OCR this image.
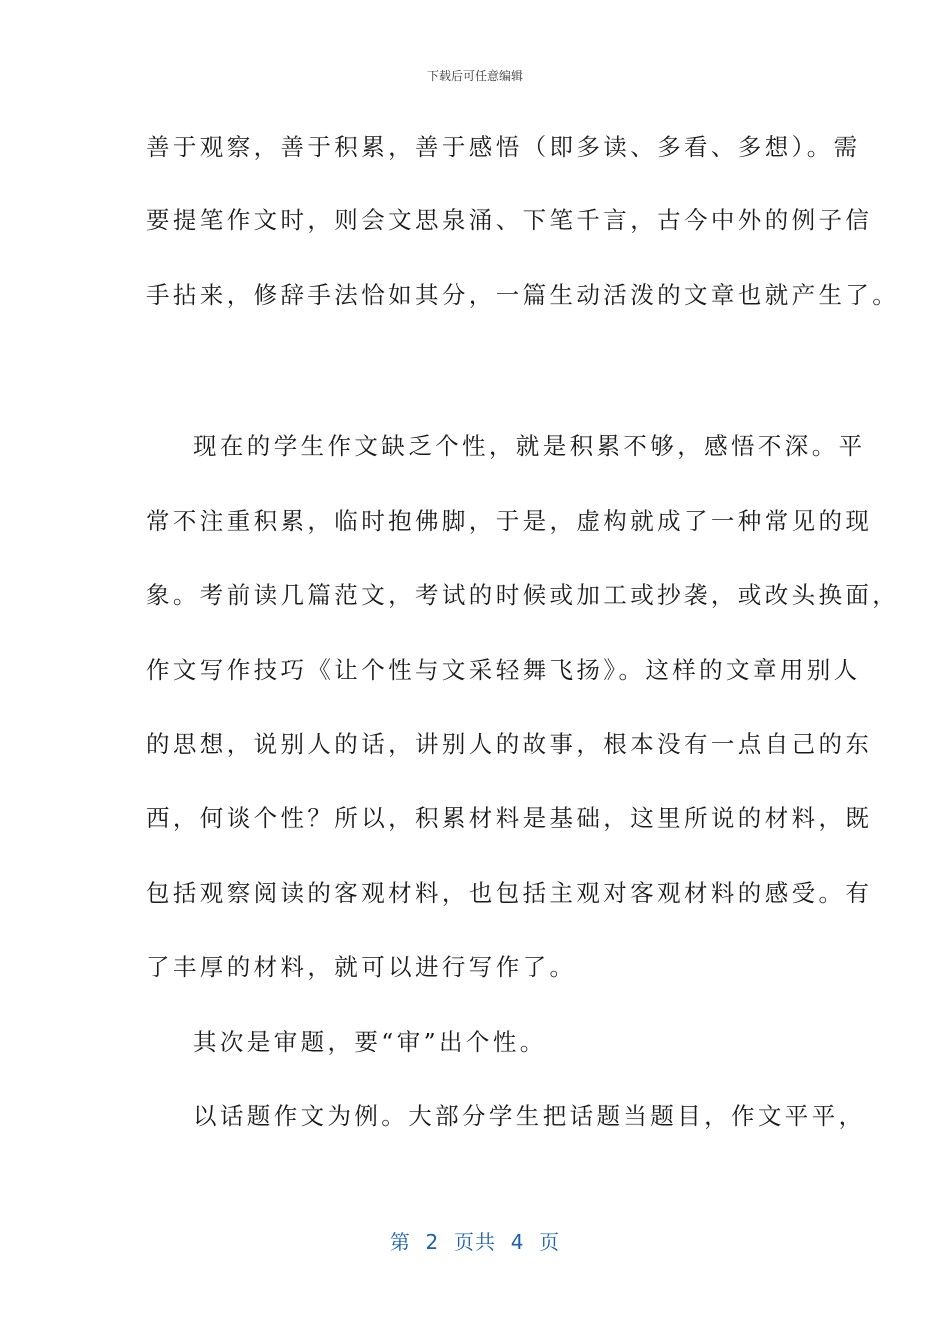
下载后可任意编辑
善于观察，善于积累，善于感悟（即多读、多看、多想）。需
要提笔作文时，则会文思泉涌、下笔千言，古今中外的例子信
手拈来，修辞手法恰如其分，一篇生动活泼的文章也就产生了。
现在的学生作文缺乏个性，就是积累不够，感悟不深。平
常不注重积累，临时抱佛脚，于是，虚构就成了一种常见的现
象。考前读几篇范文，考试的时候或加工或抄袭，或改头换面，
作文写作技巧《让个性与文采轻舞飞扬》。这样的文章用别人
的思想，说别人的话，讲别人的故事，根本没有一点自己的东
西，何谈个性？所以，积累材料是基础，这里所说的材料，既
包括观察阅读的客观材料，也包括主观对客观材料的感受。有
了丰厚的材料，就可以进行写作了。
其次是审题，要“审”出个性。
以话题作文为例。大部分学生把话题当题目，作文平平，
第  2  页共  4  页
